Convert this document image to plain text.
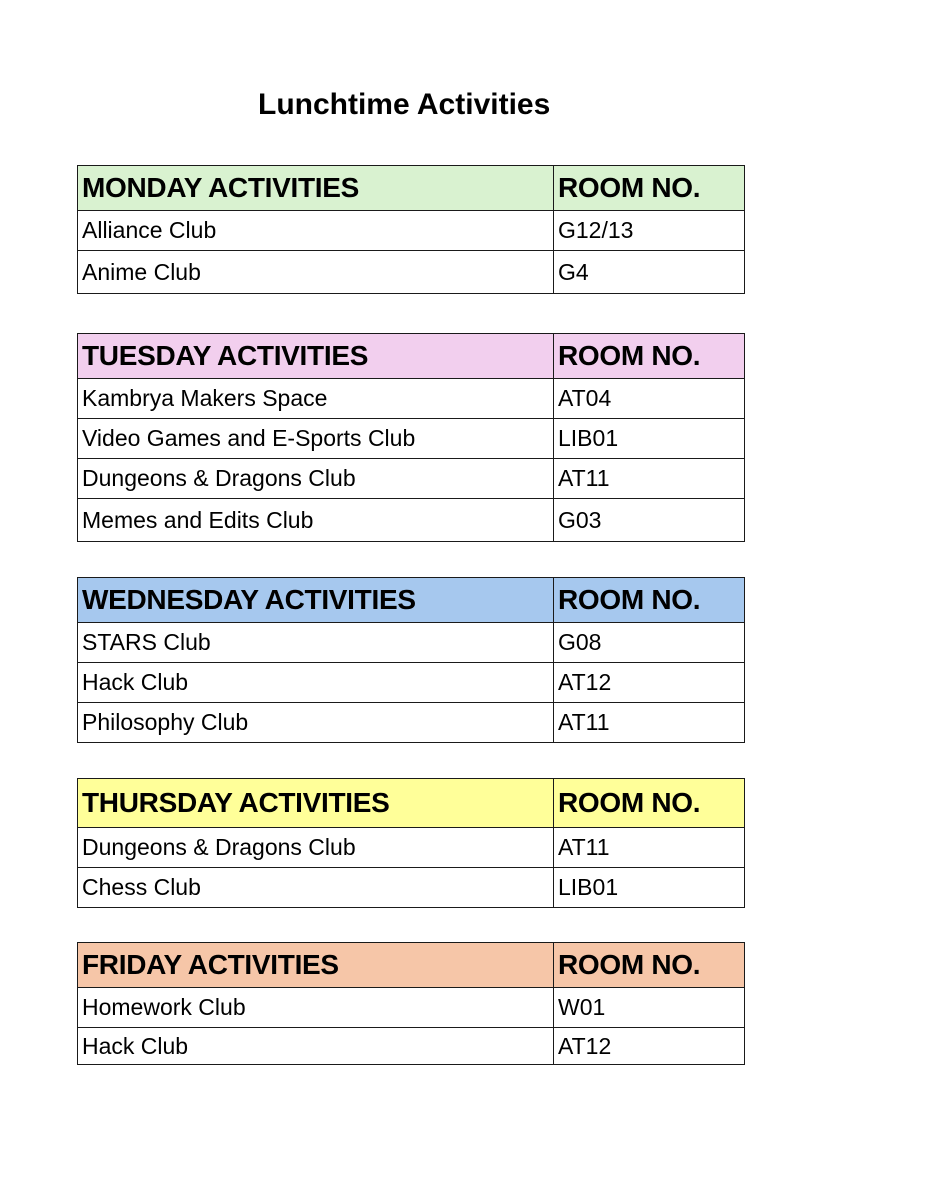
Lunchtime Activities
MONDAY ACTIVITIES	ROOM NO.
Alliance Club	G12/13
Anime Club	G4
TUESDAY ACTIVITIES	ROOM NO.
Kambrya Makers Space	AT04
Video Games and E-Sports Club	LIB01
Dungeons & Dragons Club	AT11
Memes and Edits Club	G03
WEDNESDAY ACTIVITIES	ROOM NO.
STARS Club	G08
Hack Club	AT12
Philosophy Club	AT11
THURSDAY ACTIVITIES	ROOM NO.
Dungeons & Dragons Club	AT11
Chess Club	LIB01
FRIDAY ACTIVITIES	ROOM NO.
Homework Club	W01
Hack Club	AT12
